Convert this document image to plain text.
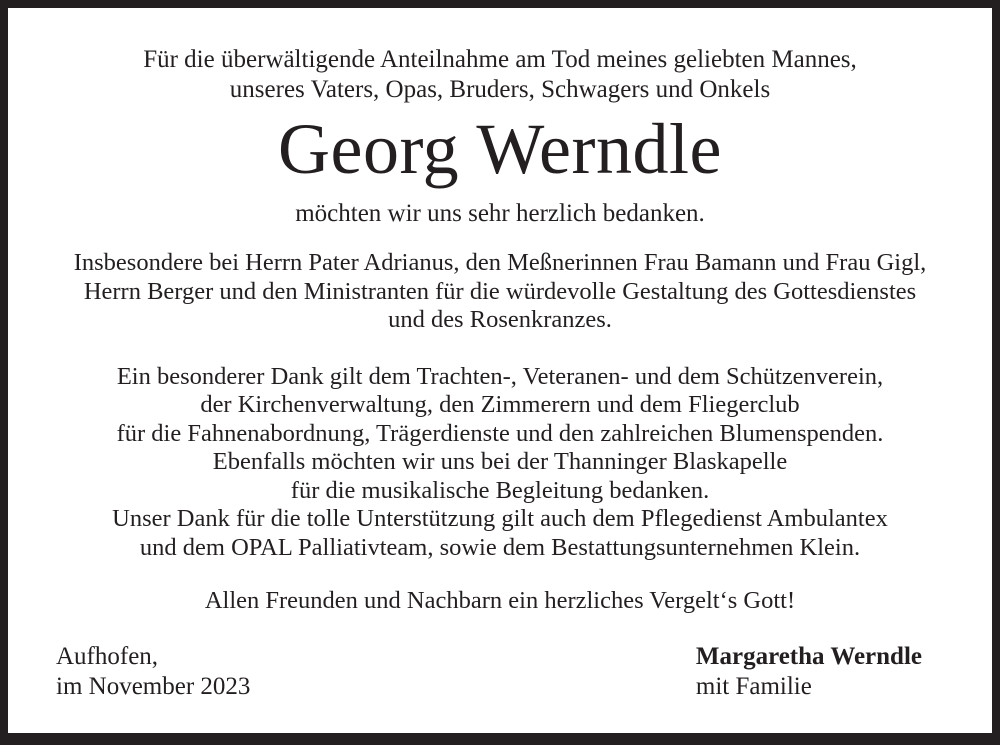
Für die überwältigende Anteilnahme am Tod meines geliebten Mannes,
unseres Vaters, Opas, Bruders, Schwagers und Onkels
Georg Werndle
möchten wir uns sehr herzlich bedanken.
Insbesondere bei Herrn Pater Adrianus, den Meßnerinnen Frau Bamann und Frau Gigl,
Herrn Berger und den Ministranten für die würdevolle Gestaltung des Gottesdienstes
und des Rosenkranzes.
Ein besonderer Dank gilt dem Trachten-, Veteranen- und dem Schützenverein,
der Kirchenverwaltung, den Zimmerern und dem Fliegerclub
für die Fahnenabordnung, Trägerdienste und den zahlreichen Blumenspenden.
Ebenfalls möchten wir uns bei der Thanninger Blaskapelle
für die musikalische Begleitung bedanken.
Unser Dank für die tolle Unterstützung gilt auch dem Pflegedienst Ambulantex
und dem OPAL Palliativteam, sowie dem Bestattungsunternehmen Klein.
Allen Freunden und Nachbarn ein herzliches Vergelt‘s Gott!
Aufhofen,
im November 2023
Margaretha Werndle
mit Familie
